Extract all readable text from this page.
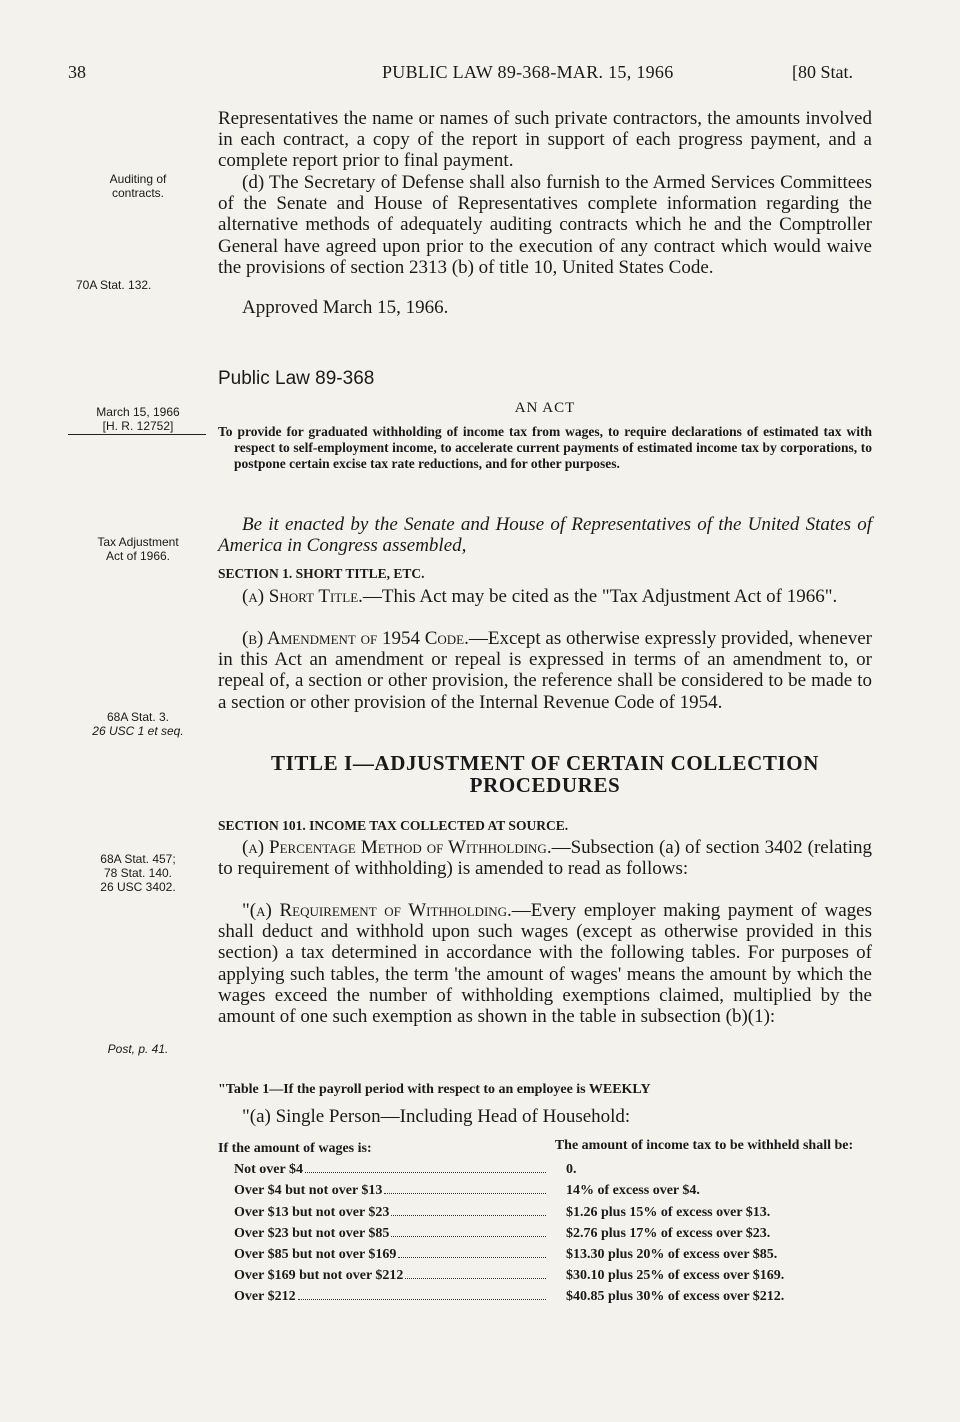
38	PUBLIC LAW 89-368-MAR. 15, 1966	[80 Stat.
Auditing of
contracts.
70A Stat. 132.
March 15, 1966
[H. R. 12752]
Tax Adjustment
Act of 1966.
68A Stat. 3.
26 USC 1 et seq.
68A Stat. 457;
78 Stat. 140.
26 USC 3402.
Post, p. 41.
Representatives the name or names of such private contractors, the amounts involved in each contract, a copy of the report in support of each progress payment, and a complete report prior to final payment.
(d) The Secretary of Defense shall also furnish to the Armed Services Committees of the Senate and House of Representatives complete information regarding the alternative methods of adequately auditing contracts which he and the Comptroller General have agreed upon prior to the execution of any contract which would waive the provisions of section 2313 (b) of title 10, United States Code.
Approved March 15, 1966.
Public Law 89-368
AN ACT
To provide for graduated withholding of income tax from wages, to require declarations of estimated tax with respect to self-employment income, to accelerate current payments of estimated income tax by corporations, to postpone certain excise tax rate reductions, and for other purposes.
Be it enacted by the Senate and House of Representatives of the United States of America in Congress assembled,
SECTION 1. SHORT TITLE, ETC.
(a) Short Title.—This Act may be cited as the "Tax Adjustment Act of 1966".
(b) Amendment of 1954 Code.—Except as otherwise expressly provided, whenever in this Act an amendment or repeal is expressed in terms of an amendment to, or repeal of, a section or other provision, the reference shall be considered to be made to a section or other provision of the Internal Revenue Code of 1954.
TITLE I—ADJUSTMENT OF CERTAIN COLLECTION
PROCEDURES
SECTION 101. INCOME TAX COLLECTED AT SOURCE.
(a) Percentage Method of Withholding.—Subsection (a) of section 3402 (relating to requirement of withholding) is amended to read as follows:
"(a) Requirement of Withholding.—Every employer making payment of wages shall deduct and withhold upon such wages (except as otherwise provided in this section) a tax determined in accordance with the following tables. For purposes of applying such tables, the term 'the amount of wages' means the amount by which the wages exceed the number of withholding exemptions claimed, multiplied by the amount of one such exemption as shown in the table in subsection (b)(1):
"Table 1—If the payroll period with respect to an employee is WEEKLY
"(a) Single Person—Including Head of Household:
If the amount of wages is:	The amount of income tax to be withheld shall be:
Not over $4	0.
Over $4 but not over $13	14% of excess over $4.
Over $13 but not over $23	$1.26 plus 15% of excess over $13.
Over $23 but not over $85	$2.76 plus 17% of excess over $23.
Over $85 but not over $169	$13.30 plus 20% of excess over $85.
Over $169 but not over $212	$30.10 plus 25% of excess over $169.
Over $212	$40.85 plus 30% of excess over $212.
